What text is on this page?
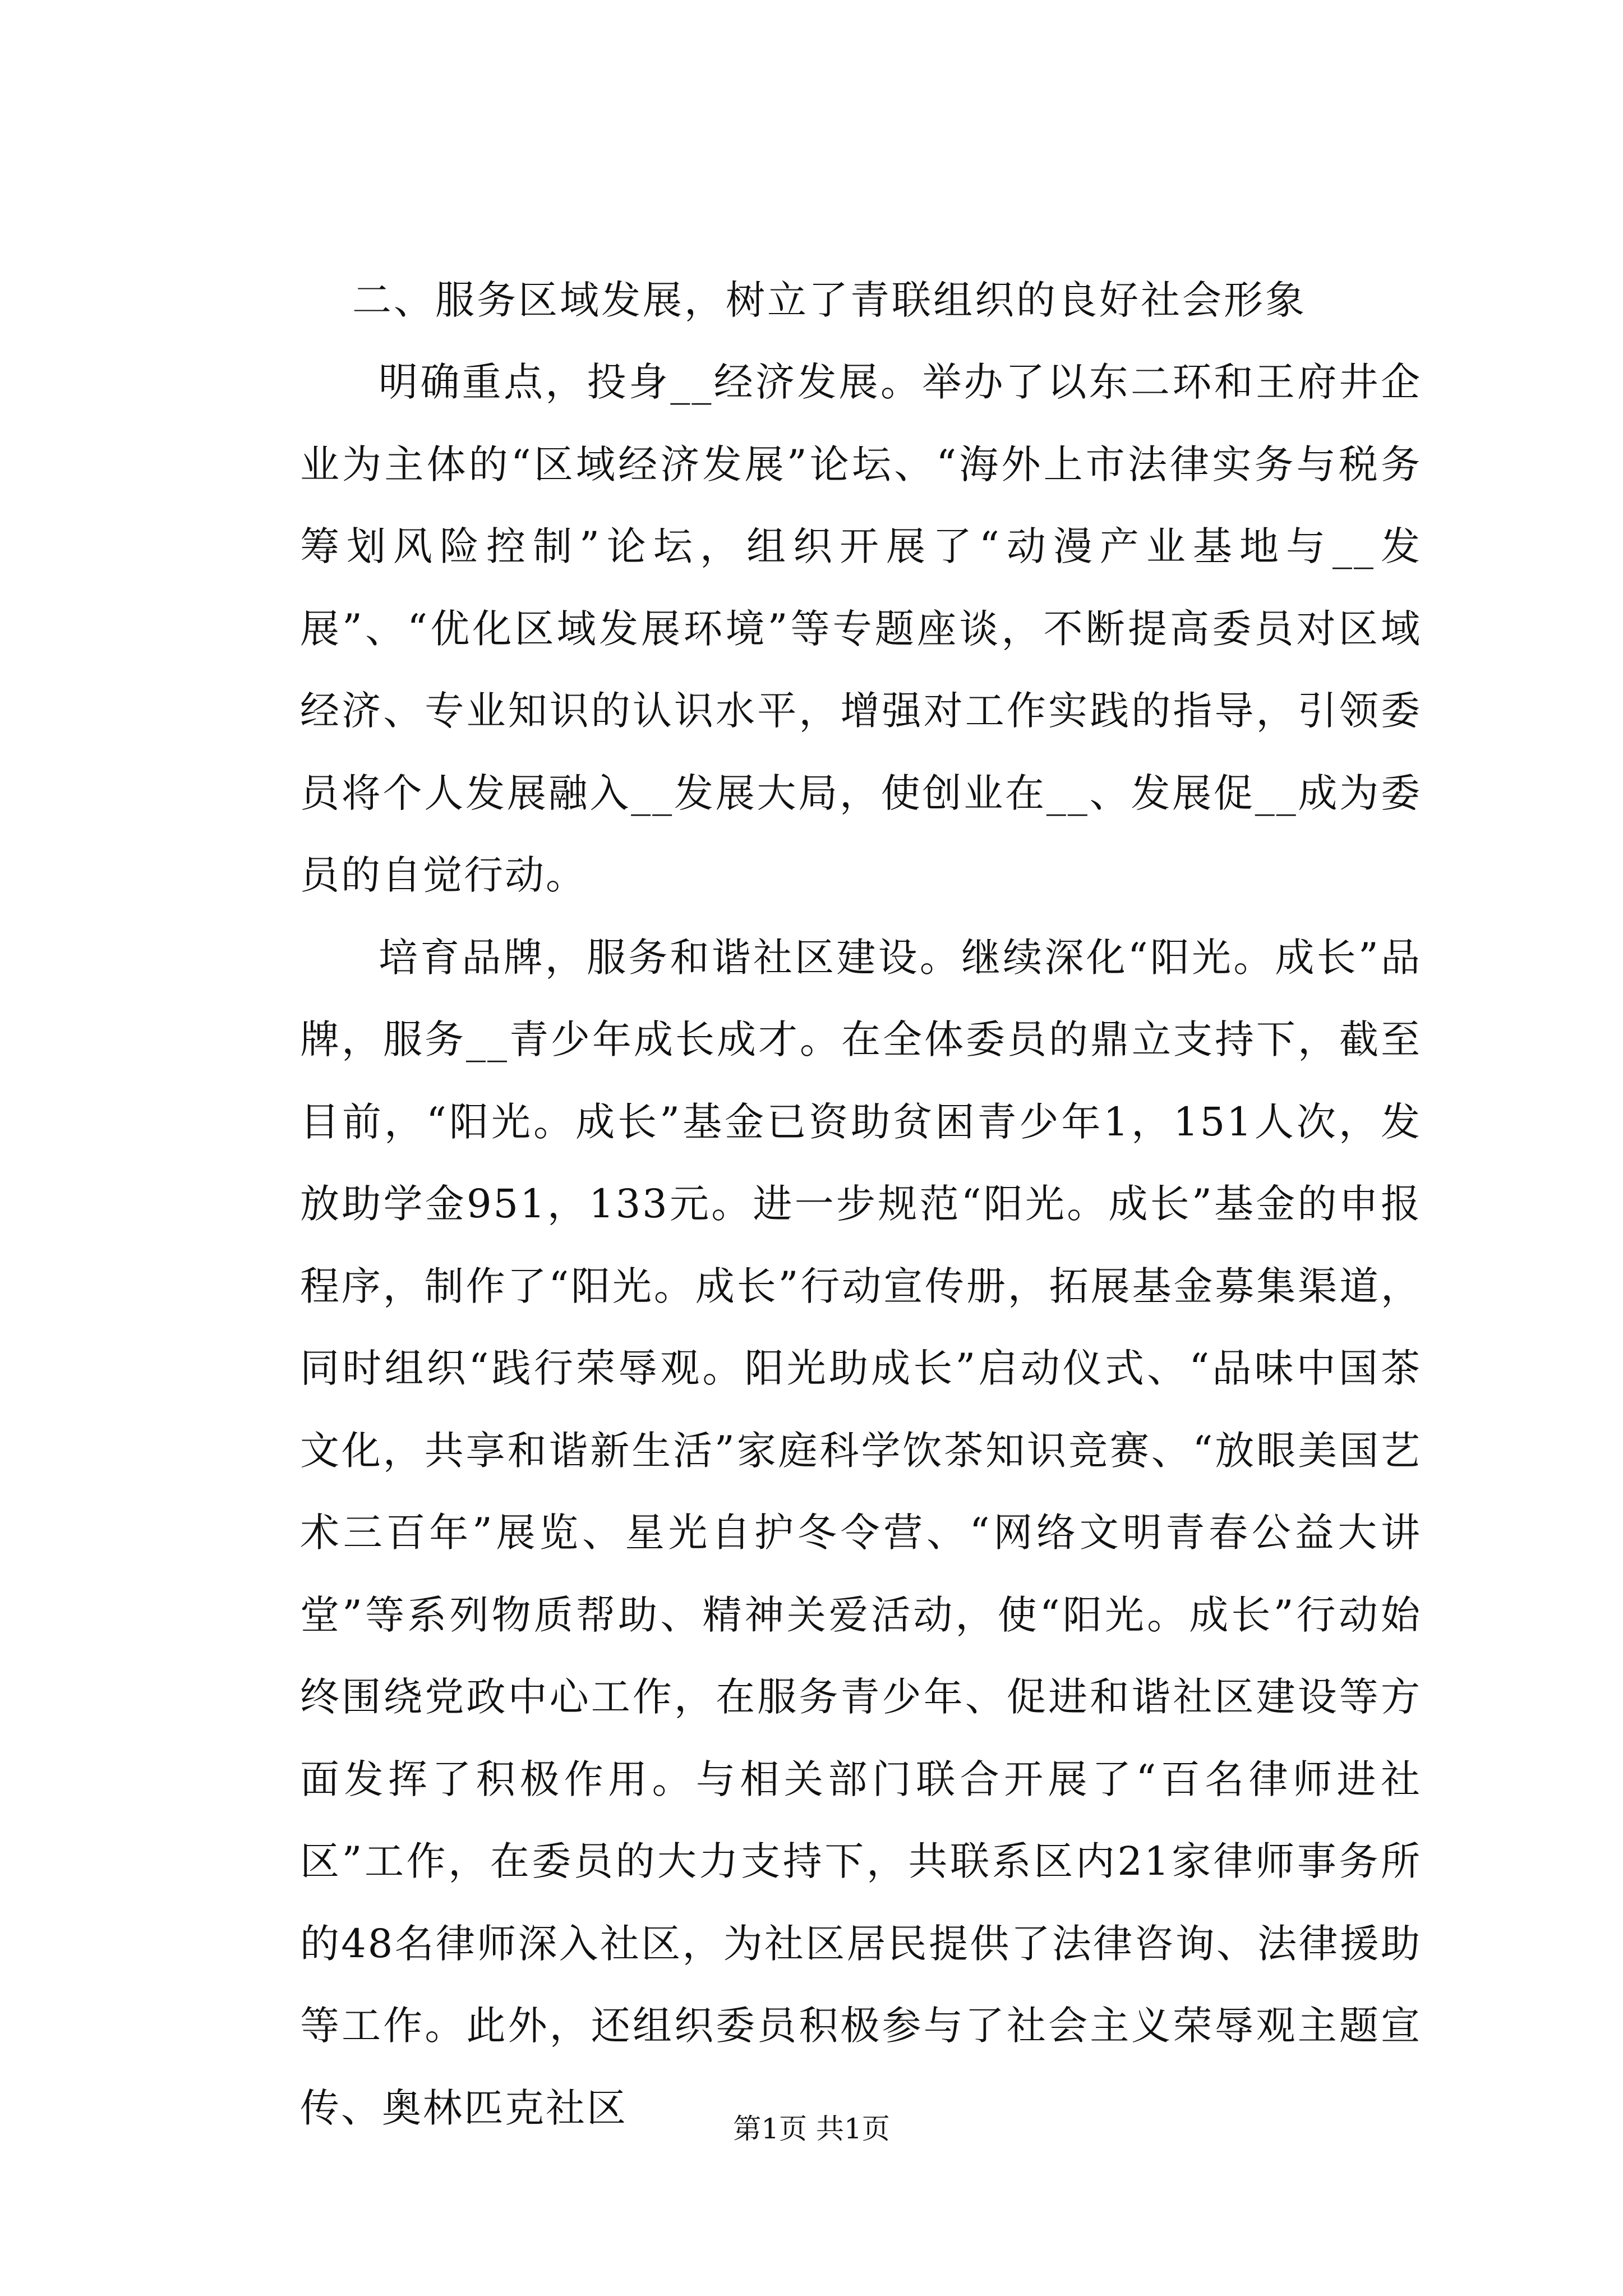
二、服务区域发展，树立了青联组织的良好社会形象

明确重点，投身__经济发展。举办了以东二环和王府井企业为主体的“区域经济发展”论坛、“海外上市法律实务与税务筹划风险控制”论坛，组织开展了“动漫产业基地与__发展”、“优化区域发展环境”等专题座谈，不断提高委员对区域经济、专业知识的认识水平，增强对工作实践的指导，引领委员将个人发展融入__发展大局，使创业在__、发展促__成为委员的自觉行动。

培育品牌，服务和谐社区建设。继续深化“阳光。成长”品牌，服务__青少年成长成才。在全体委员的鼎立支持下，截至目前，“阳光。成长”基金已资助贫困青少年1，151人次，发放助学金951，133元。进一步规范“阳光。成长”基金的申报程序，制作了“阳光。成长”行动宣传册，拓展基金募集渠道，同时组织“践行荣辱观。阳光助成长”启动仪式、“品味中国茶文化，共享和谐新生活”家庭科学饮茶知识竞赛、“放眼美国艺术三百年”展览、星光自护冬令营、“网络文明青春公益大讲堂”等系列物质帮助、精神关爱活动，使“阳光。成长”行动始终围绕党政中心工作，在服务青少年、促进和谐社区建设等方面发挥了积极作用。与相关部门联合开展了“百名律师进社区”工作，在委员的大力支持下，共联系区内21家律师事务所的48名律师深入社区，为社区居民提供了法律咨询、法律援助等工作。此外，还组织委员积极参与了社会主义荣辱观主题宣传、奥林匹克社区	第1页 共1页
